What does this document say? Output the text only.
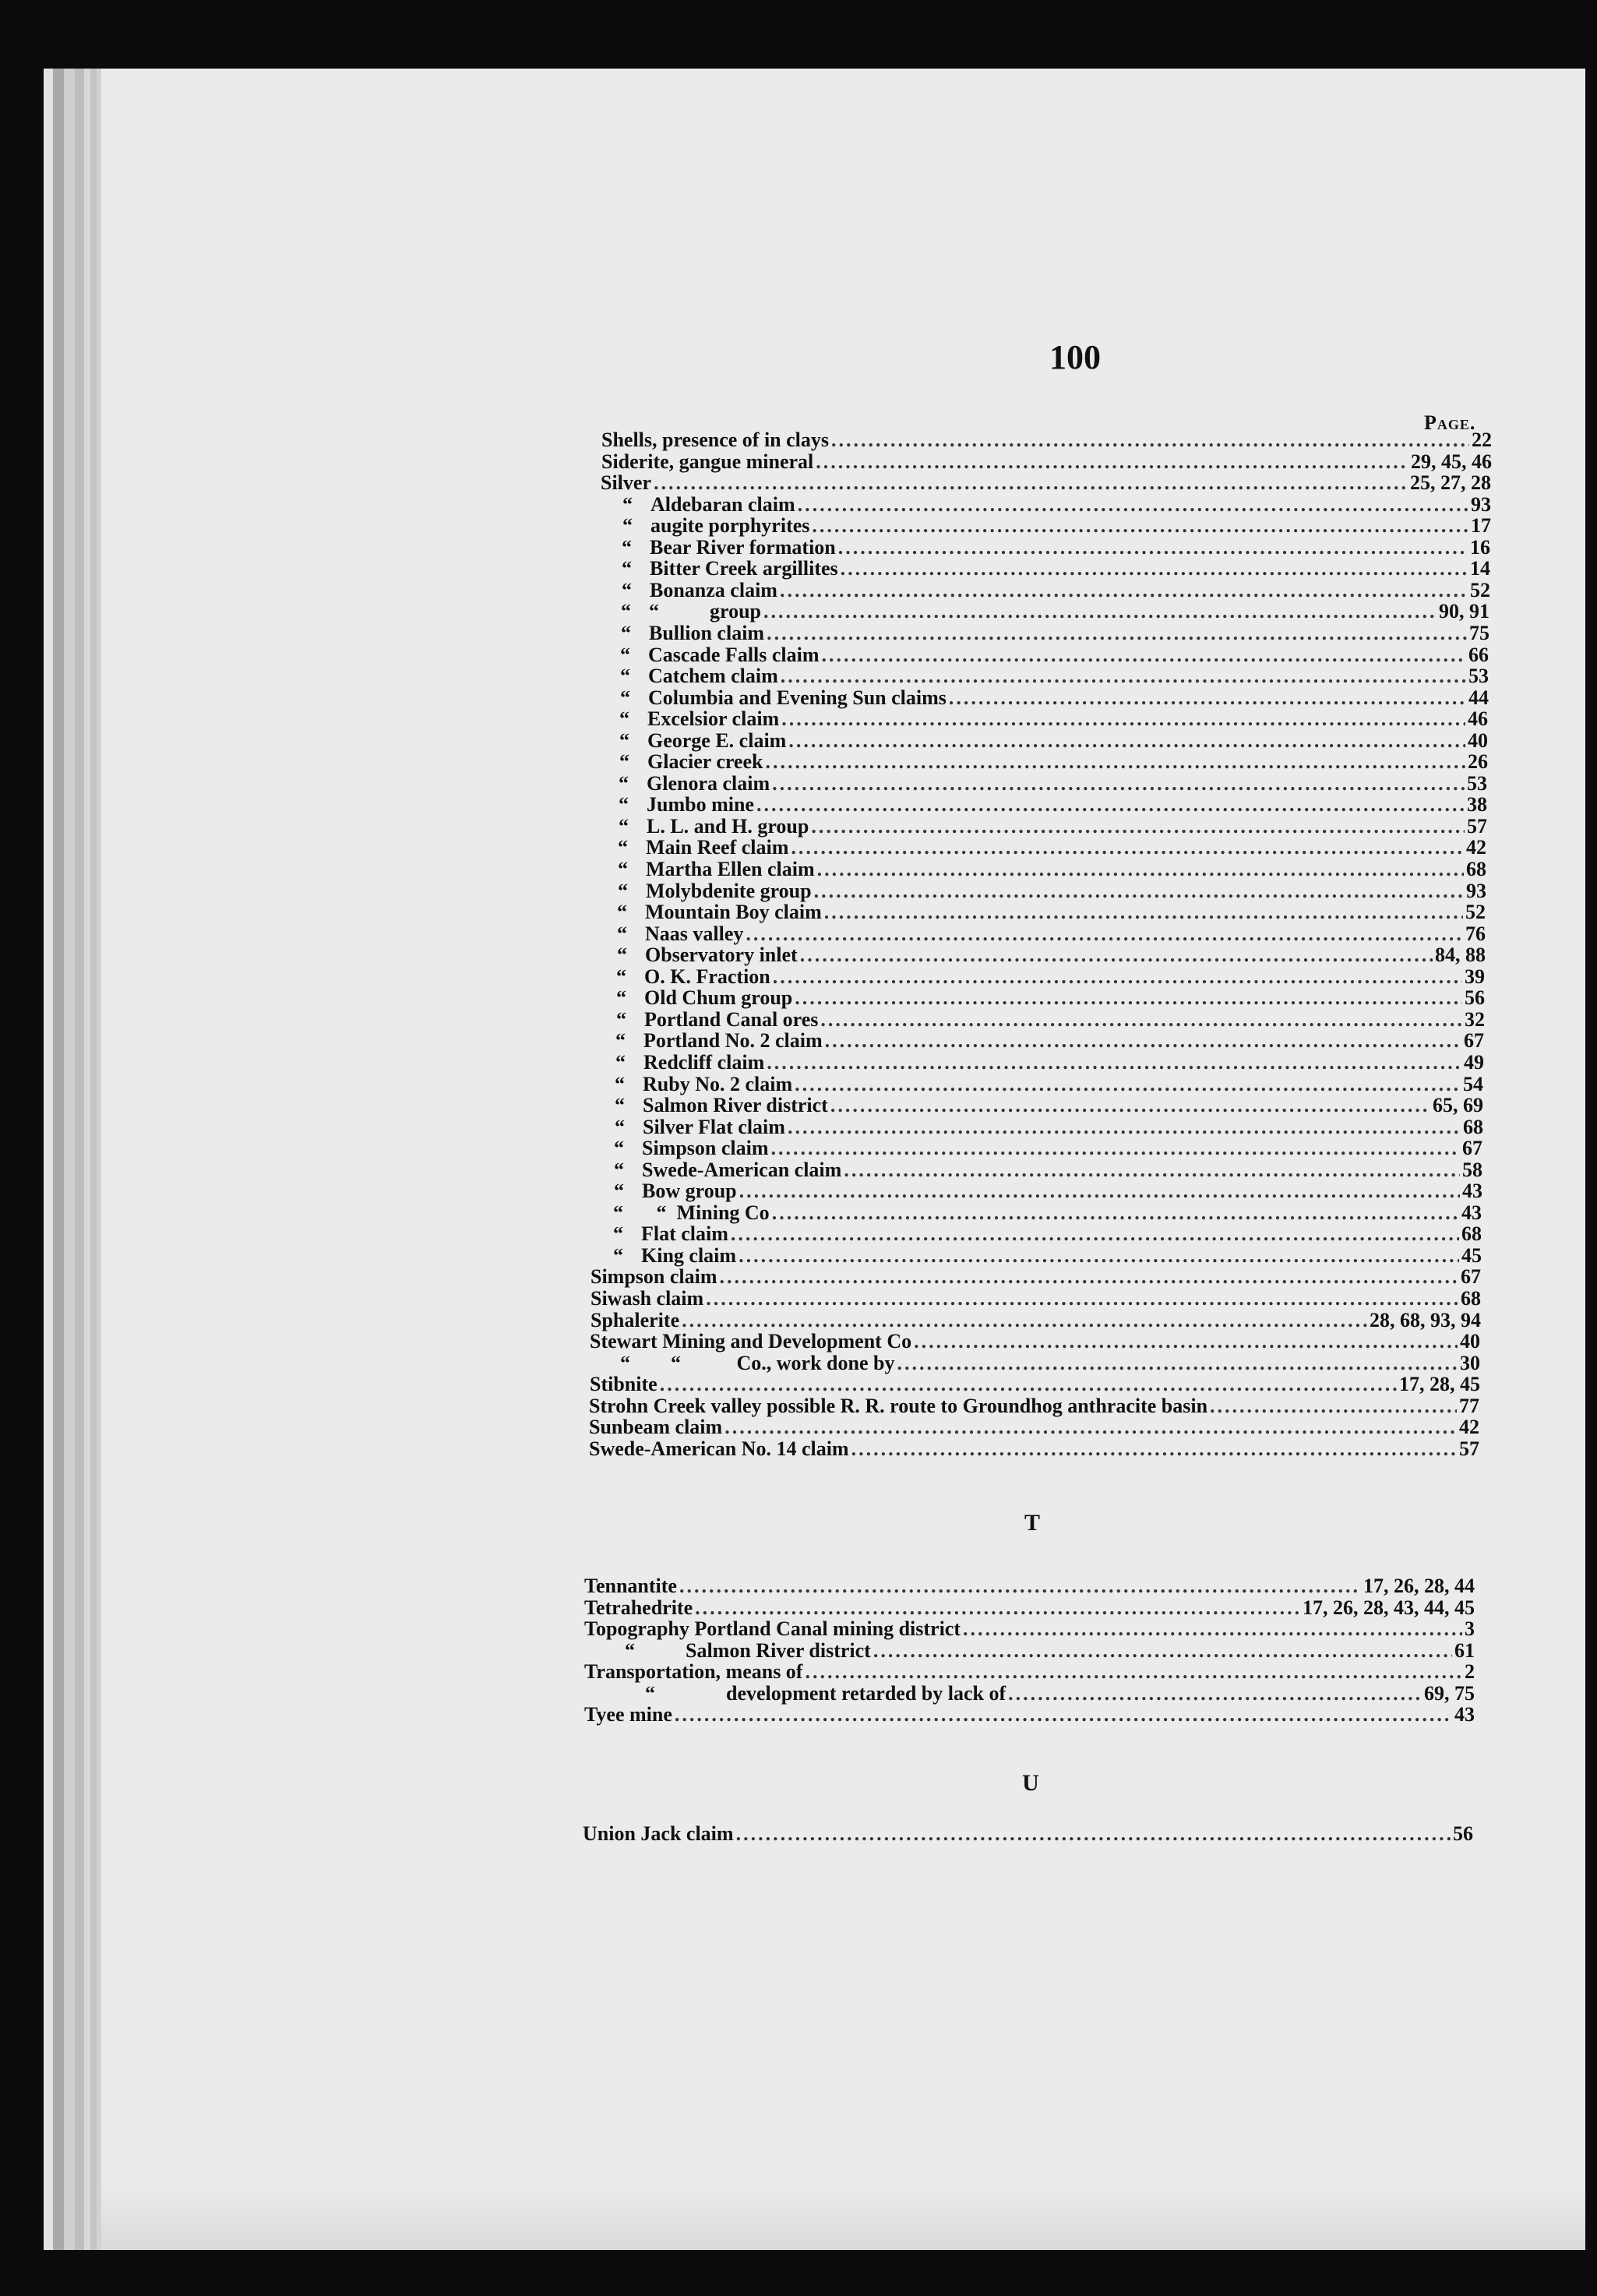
100
Page.
T
U
Shells, presence of in clays .....	22
Siderite, gangue mineral .....	29, 45, 46
Silver .....	25, 27, 28
“ Aldebaran claim .....	93
“ augite porphyrites .....	17
“ Bear River formation .....	16
“ Bitter Creek argillites .....	14
“ Bonanza claim .....	52
“ “          group .....	90, 91
“ Bullion claim .....	75
“ Cascade Falls claim .....	66
“ Catchem claim .....	53
“ Columbia and Evening Sun claims .....	44
“ Excelsior claim .....	46
“ George E. claim .....	40
“ Glacier creek .....	26
“ Glenora claim .....	53
“ Jumbo mine .....	38
“ L. L. and H. group .....	57
“ Main Reef claim .....	42
“ Martha Ellen claim .....	68
“ Molybdenite group .....	93
“ Mountain Boy claim .....	52
“ Naas valley .....	76
“ Observatory inlet .....	84, 88
“ O. K. Fraction .....	39
“ Old Chum group .....	56
“ Portland Canal ores .....	32
“ Portland No. 2 claim .....	67
“ Redcliff claim .....	49
“ Ruby No. 2 claim .....	54
“ Salmon River district .....	65, 69
“ Silver Flat claim .....	68
“ Simpson claim .....	67
“ Swede-American claim .....	58
“ Bow group .....	43
“ “  Mining Co .....	43
“ Flat claim .....	68
“ King claim .....	45
Simpson claim .....	67
Siwash claim .....	68
Sphalerite .....	28, 68, 93, 94
Stewart Mining and Development Co .....	40
“        “           Co., work done by .....	30
Stibnite .....	17, 28, 45
Strohn Creek valley possible R. R. route to Groundhog anthracite basin .....	77
Sunbeam claim .....	42
Swede-American No. 14 claim .....	57
Tennantite .....	17, 26, 28, 44
Tetrahedrite .....	17, 26, 28, 43, 44, 45
Topography Portland Canal mining district .....	3
“          Salmon River district .....	61
Transportation, means of .....	2
“              development retarded by lack of .....	69, 75
Tyee mine .....	43
Union Jack claim .....	56
